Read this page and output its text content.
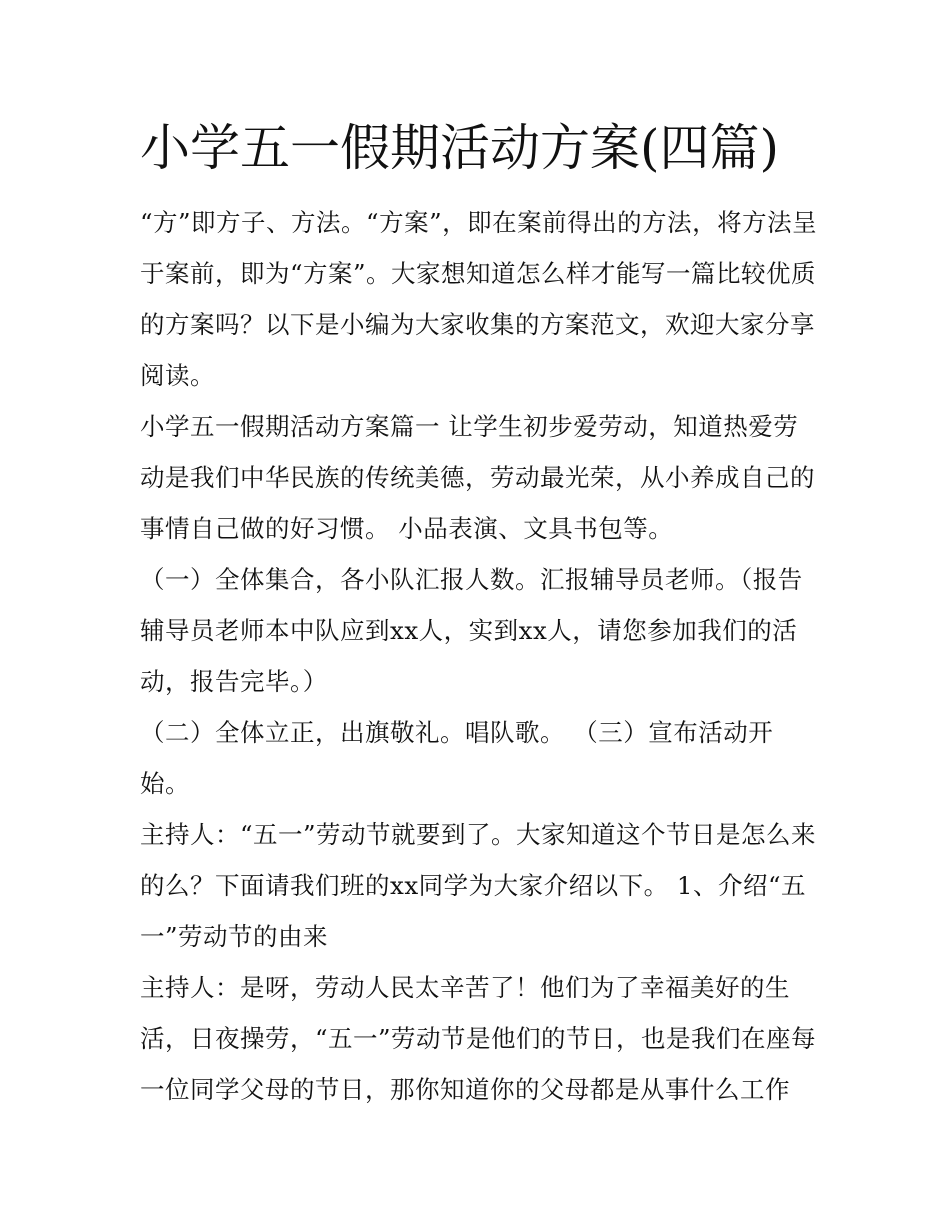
小学五一假期活动方案(四篇)

“方”即方子、方法。“方案”，即在案前得出的方法，将方法呈于案前，即为“方案”。大家想知道怎么样才能写一篇比较优质的方案吗？以下是小编为大家收集的方案范文，欢迎大家分享阅读。

小学五一假期活动方案篇一 让学生初步爱劳动，知道热爱劳动是我们中华民族的传统美德，劳动最光荣，从小养成自己的事情自己做的好习惯。 小品表演、文具书包等。

（一）全体集合，各小队汇报人数。汇报辅导员老师。（报告辅导员老师本中队应到xx人，实到xx人，请您参加我们的活动，报告完毕。）

（二）全体立正，出旗敬礼。唱队歌。 （三）宣布活动开始。

主持人：“五一”劳动节就要到了。大家知道这个节日是怎么来的么？下面请我们班的xx同学为大家介绍以下。 1、介绍“五一”劳动节的由来

主持人：是呀，劳动人民太辛苦了！他们为了幸福美好的生活，日夜操劳，“五一”劳动节是他们的节日，也是我们在座每一位同学父母的节日，那你知道你的父母都是从事什么工作
